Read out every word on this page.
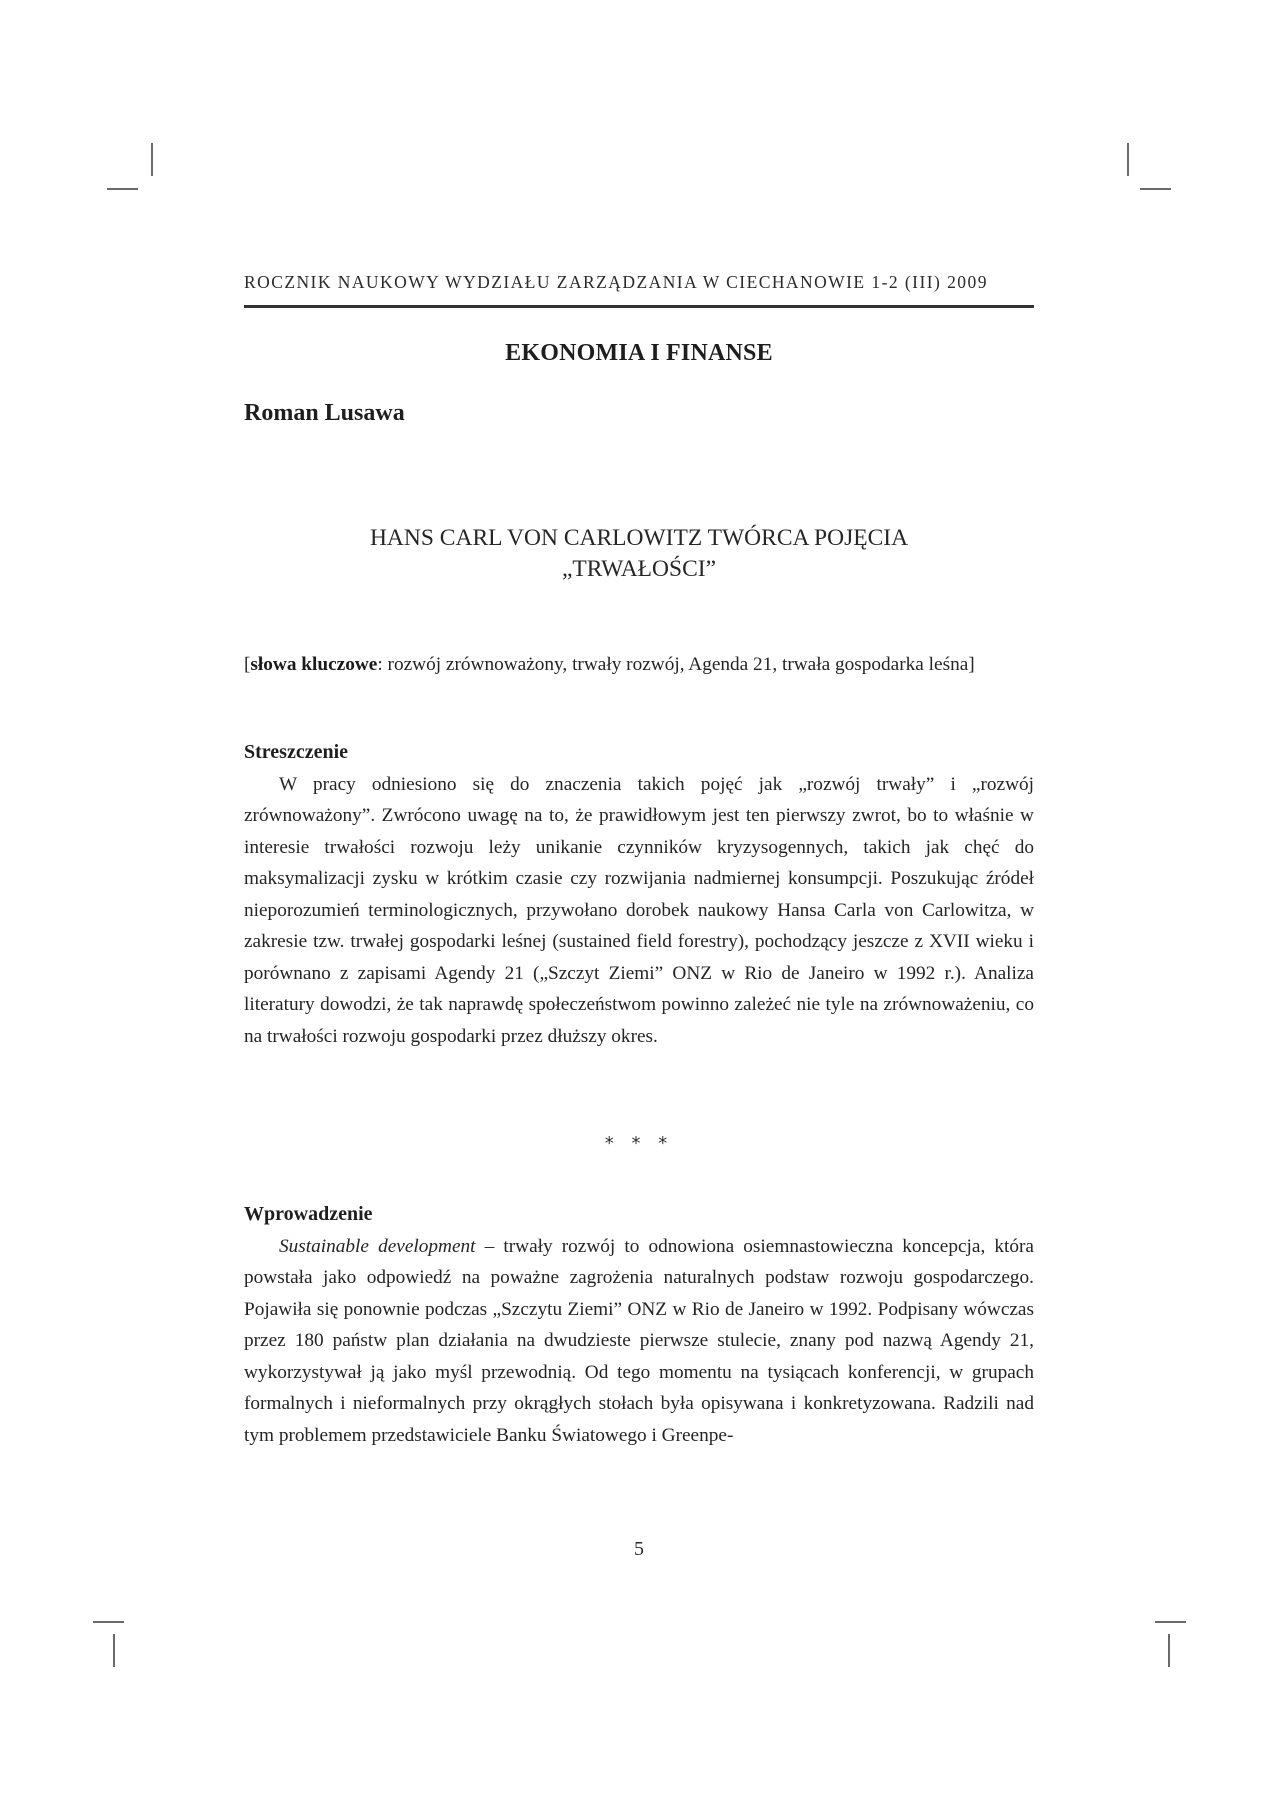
ROCZNIK NAUKOWY WYDZIAŁU ZARZĄDZANIA W CIECHANOWIE 1-2 (III) 2009
EKONOMIA I FINANSE
Roman Lusawa
HANS CARL VON CARLOWITZ TWÓRCA POJĘCIA
„TRWAŁOŚCI”

[słowa kluczowe: rozwój zrównoważony, trwały rozwój, Agenda 21, trwała gospodarka leśna]

Streszczenie

W pracy odniesiono się do znaczenia takich pojęć jak „rozwój trwały” i „rozwój zrównoważony”. Zwrócono uwagę na to, że prawidłowym jest ten pierwszy zwrot, bo to właśnie w interesie trwałości rozwoju leży unikanie czynników kryzysogennych, takich jak chęć do maksymalizacji zysku w krótkim czasie czy rozwijania nadmiernej konsumpcji. Poszukując źródeł nieporozumień terminologicznych, przywołano dorobek naukowy Hansa Carla von Carlowitza, w zakresie tzw. trwałej gospodarki leśnej (sustained field forestry), pochodzący jeszcze z XVII wieku i porównano z zapisami Agendy 21 („Szczyt Ziemi” ONZ w Rio de Janeiro w 1992 r.). Analiza literatury dowodzi, że tak naprawdę społeczeństwom powinno zależeć nie tyle na zrównoważeniu, co na trwałości rozwoju gospodarki przez dłuższy okres.

* * *
Wprowadzenie

Sustainable development – trwały rozwój to odnowiona osiemnastowieczna koncepcja, która powstała jako odpowiedź na poważne zagrożenia naturalnych podstaw rozwoju gospodarczego. Pojawiła się ponownie podczas „Szczytu Ziemi” ONZ w Rio de Janeiro w 1992. Podpisany wówczas przez 180 państw plan działania na dwudzieste pierwsze stulecie, znany pod nazwą Agendy 21, wykorzystywał ją jako myśl przewodnią. Od tego momentu na tysiącach konferencji, w grupach formalnych i nieformalnych przy okrągłych stołach była opisywana i konkretyzowana. Radzili nad tym problemem przedstawiciele Banku Światowego i Greenpe-

5
